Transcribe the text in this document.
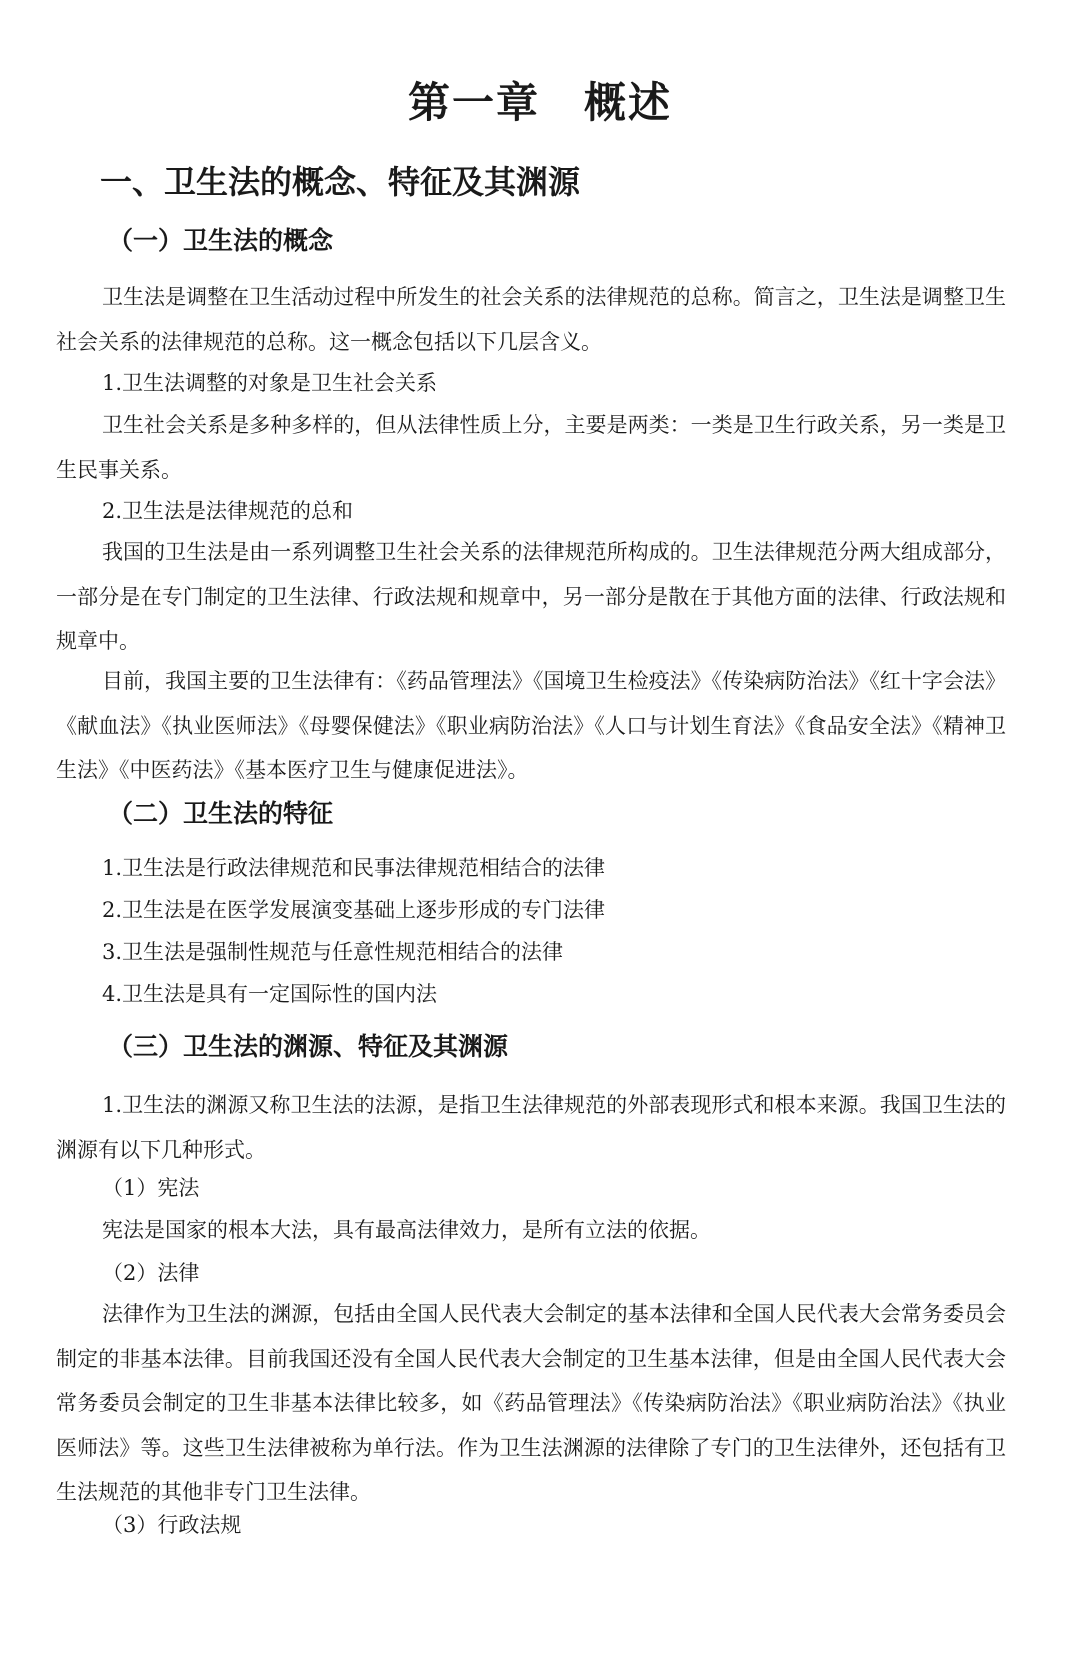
第一章　概述
一、卫生法的概念、特征及其渊源
（一）卫生法的概念

卫生法是调整在卫生活动过程中所发生的社会关系的法律规范的总称。简言之，卫生法是调整卫生社会关系的法律规范的总称。这一概念包括以下几层含义。

1.卫生法调整的对象是卫生社会关系

卫生社会关系是多种多样的，但从法律性质上分，主要是两类：一类是卫生行政关系，另一类是卫生民事关系。

2.卫生法是法律规范的总和

我国的卫生法是由一系列调整卫生社会关系的法律规范所构成的。卫生法律规范分两大组成部分，一部分是在专门制定的卫生法律、行政法规和规章中，另一部分是散在于其他方面的法律、行政法规和规章中。

目前，我国主要的卫生法律有：《药品管理法》《国境卫生检疫法》《传染病防治法》《红十字会法》《献血法》《执业医师法》《母婴保健法》《职业病防治法》《人口与计划生育法》《食品安全法》《精神卫生法》《中医药法》《基本医疗卫生与健康促进法》。

（二）卫生法的特征

1.卫生法是行政法律规范和民事法律规范相结合的法律

2.卫生法是在医学发展演变基础上逐步形成的专门法律

3.卫生法是强制性规范与任意性规范相结合的法律

4.卫生法是具有一定国际性的国内法

（三）卫生法的渊源、特征及其渊源

1.卫生法的渊源又称卫生法的法源，是指卫生法律规范的外部表现形式和根本来源。我国卫生法的渊源有以下几种形式。

（1）宪法

宪法是国家的根本大法，具有最高法律效力，是所有立法的依据。

（2）法律

法律作为卫生法的渊源，包括由全国人民代表大会制定的基本法律和全国人民代表大会常务委员会制定的非基本法律。目前我国还没有全国人民代表大会制定的卫生基本法律，但是由全国人民代表大会常务委员会制定的卫生非基本法律比较多，如《药品管理法》《传染病防治法》《职业病防治法》《执业医师法》等。这些卫生法律被称为单行法。作为卫生法渊源的法律除了专门的卫生法律外，还包括有卫生法规范的其他非专门卫生法律。

（3）行政法规
